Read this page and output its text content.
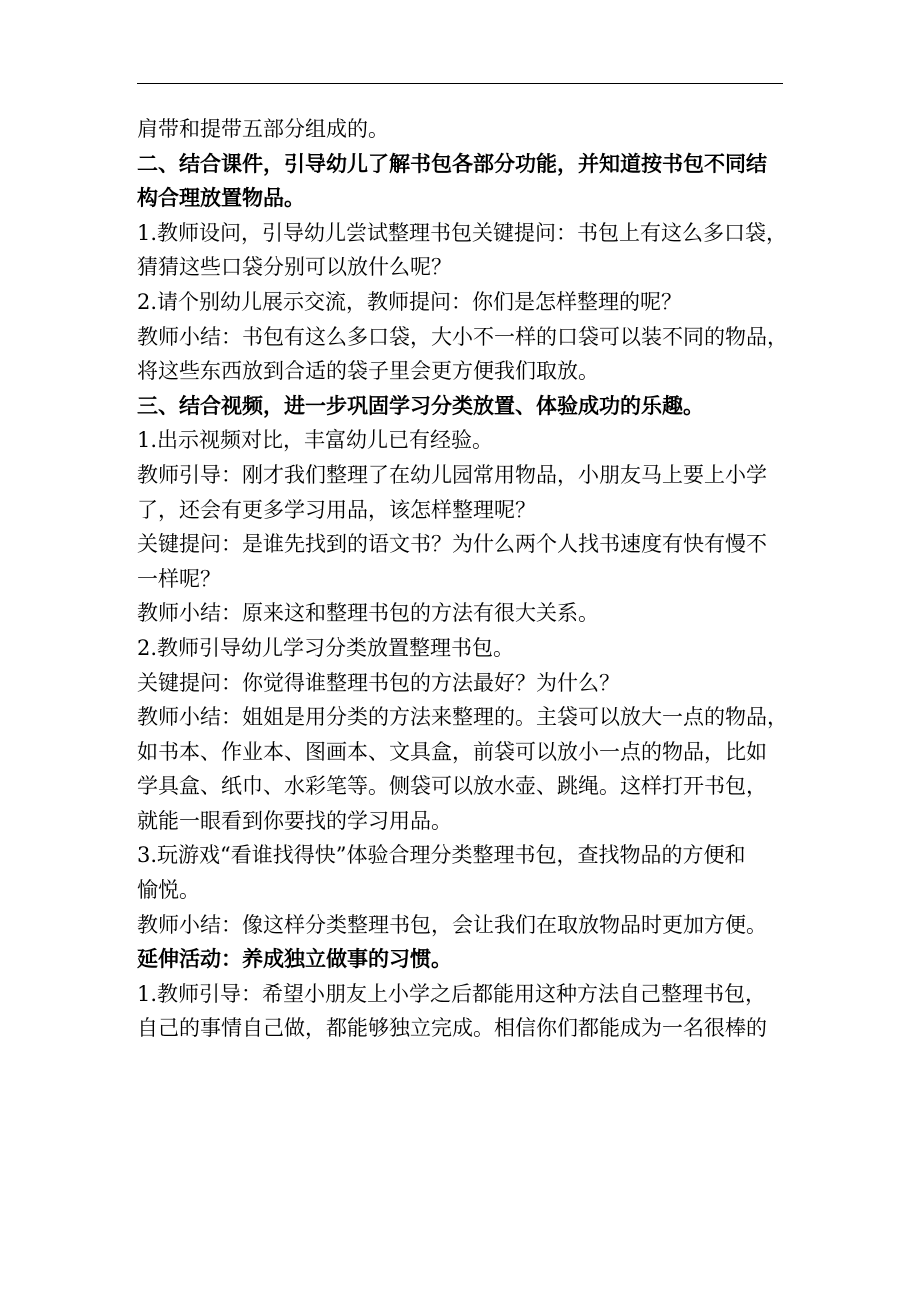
肩带和提带五部分组成的。
二、结合课件，引导幼儿了解书包各部分功能，并知道按书包不同结
构合理放置物品。
1.教师设问，引导幼儿尝试整理书包关键提问：书包上有这么多口袋，
猜猜这些口袋分别可以放什么呢？
2.请个别幼儿展示交流，教师提问：你们是怎样整理的呢？
教师小结：书包有这么多口袋，大小不一样的口袋可以装不同的物品，
将这些东西放到合适的袋子里会更方便我们取放。
三、结合视频，进一步巩固学习分类放置、体验成功的乐趣。
1.出示视频对比，丰富幼儿已有经验。
教师引导：刚才我们整理了在幼儿园常用物品，小朋友马上要上小学
了，还会有更多学习用品，该怎样整理呢？
关键提问：是谁先找到的语文书？为什么两个人找书速度有快有慢不
一样呢？
教师小结：原来这和整理书包的方法有很大关系。
2.教师引导幼儿学习分类放置整理书包。
关键提问：你觉得谁整理书包的方法最好？为什么？
教师小结：姐姐是用分类的方法来整理的。主袋可以放大一点的物品，
如书本、作业本、图画本、文具盒，前袋可以放小一点的物品，比如
学具盒、纸巾、水彩笔等。侧袋可以放水壶、跳绳。这样打开书包，
就能一眼看到你要找的学习用品。
3.玩游戏“看谁找得快”体验合理分类整理书包，查找物品的方便和
愉悦。
教师小结：像这样分类整理书包，会让我们在取放物品时更加方便。
延伸活动：养成独立做事的习惯。
1.教师引导：希望小朋友上小学之后都能用这种方法自己整理书包，
自己的事情自己做，都能够独立完成。相信你们都能成为一名很棒的
